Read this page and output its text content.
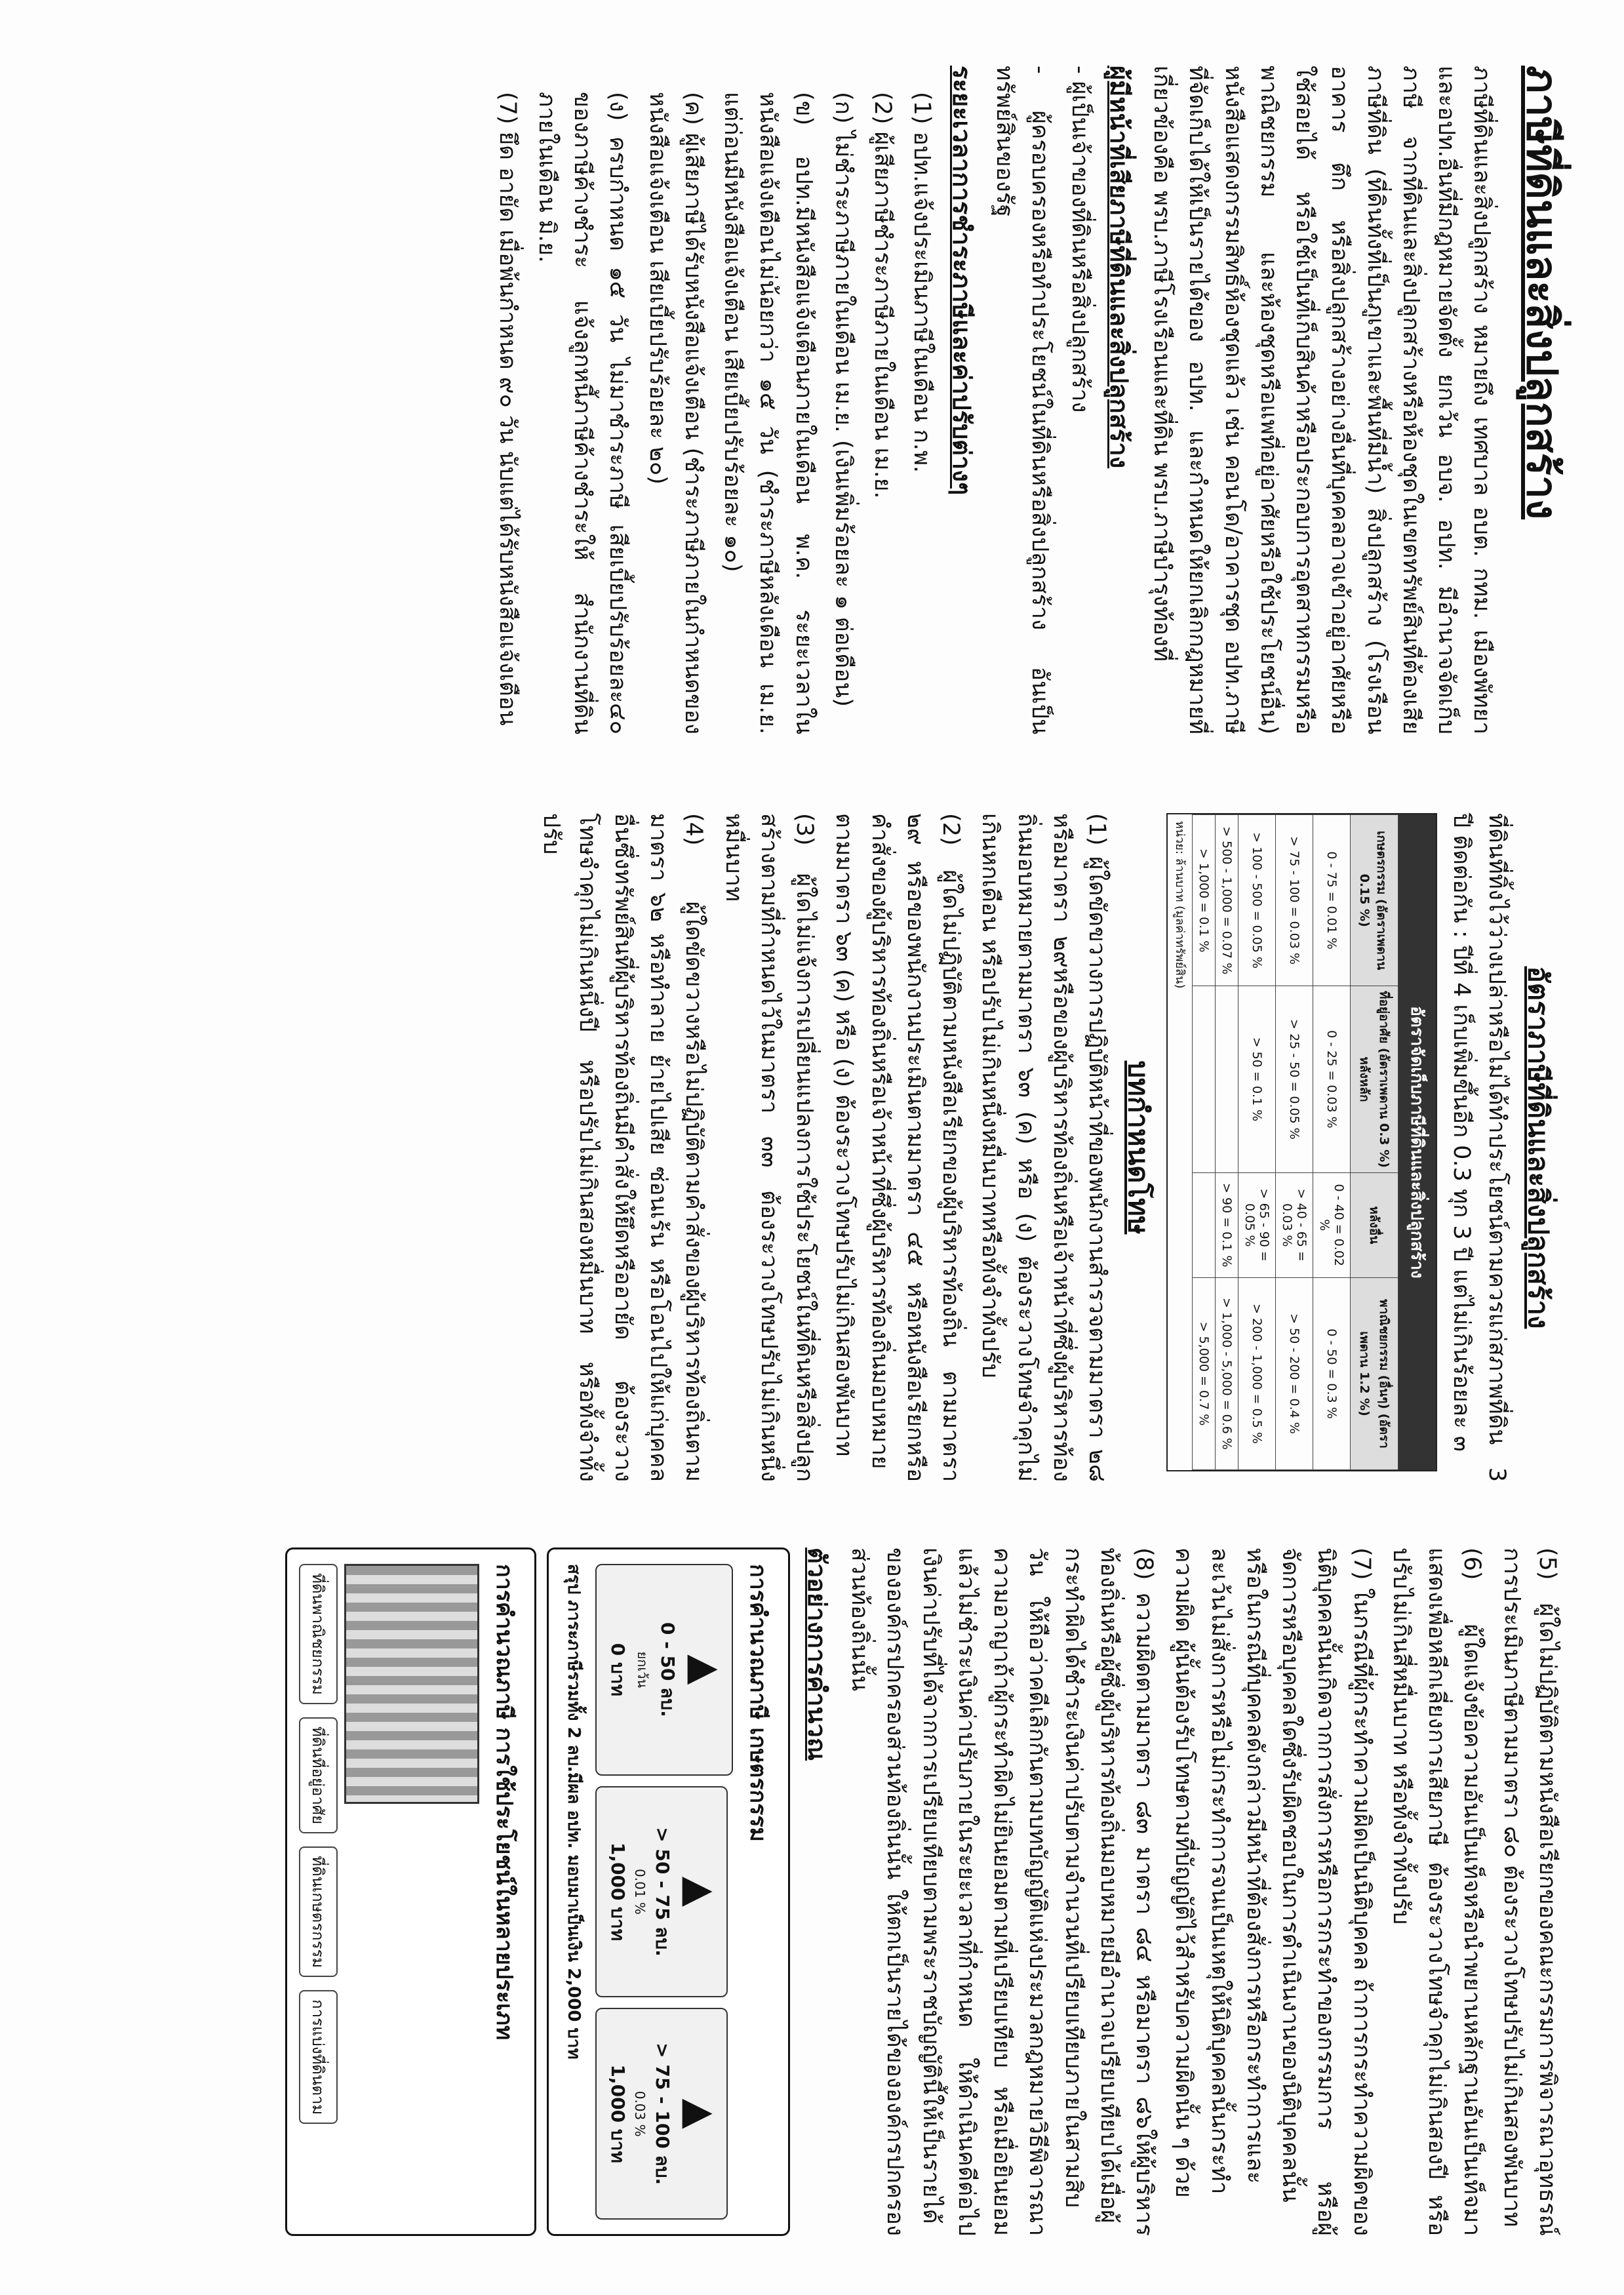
ภาษีที่ดินและสิ่งปลูกสร้าง

ภาษีที่ดินและสิ่งปลูกสร้าง หมายถึง เทศบาล อบต. กทม. เมืองพัทยา และอปท.อื่นที่มีกฎหมายจัดตั้ง ยกเว้น อบจ. อปท. มีอำนาจจัดเก็บภาษี จากที่ดินและสิ่งปลูกสร้างหรือห้องชุดในเขตทรัพย์สินที่ต้องเสียภาษีที่ดิน (ที่ดินทั้งที่เป็นภูเขาและพื้นที่มีน้ำ) สิ่งปลูกสร้าง (โรงเรือน อาคาร ตึก หรือสิ่งปลูกสร้างอย่างอื่นที่บุคคลอาจเข้าอยู่อาศัยหรือใช้สอยได้ หรือใช้เป็นที่เก็บสินค้าหรือประกอบการอุตสาหกรรมหรือพาณิชยกรรม และห้องชุดหรือแพที่อยู่อาศัยหรือใช้ประโยชน์อื่น) หนังสือแสดงกรรมสิทธิ์ห้องชุดแล้ว เช่น คอนโด/อาคารชุด อปท.ภาษีที่จัดเก็บได้ให้เป็นรายได้ของ อปท. และกำหนดให้ยกเลิกกฎหมายที่เกี่ยวข้องคือ พรบ.ภาษีโรงเรือนและที่ดิน พรบ.ภาษีบำรุงท้องที่

ผู้มีหน้าที่เสียภาษีที่ดินและสิ่งปลูกสร้าง
- ผู้เป็นเจ้าของที่ดินหรือสิ่งปลูกสร้าง
- ผู้ครอบครองหรือทำประโยชน์ในที่ดินหรือสิ่งปลูกสร้าง อันเป็นทรัพย์สินของรัฐ
ระยะเวลาการชำระภาษีและค่าปรับต่างๆ

(1) อปท.แจ้งประเมินภาษีในเดือน ก.พ.

(2) ผู้เสียภาษีชำระภาษีภายในเดือน เม.ย.

(ก) ไม่ชำระภาษีภายในเดือน เม.ย. (เงินเพิ่มร้อยละ ๑ ต่อเดือน)

(ข) อปท.มีหนังสือแจ้งเตือนภายในเดือน พ.ค. ระยะเวลาในหนังสือแจ้งเตือนไม่น้อยกว่า ๑๕ วัน (ชำระภาษีหลังเดือน เม.ย. แต่ก่อนมีหนังสือแจ้งเตือน เสียเบี้ยปรับร้อยละ ๑๐)

(ค) ผู้เสียภาษีได้รับหนังสือแจ้งเตือน (ชำระภาษีภายในกำหนดของ หนังสือแจ้งเตือน เสียเบี้ยปรับร้อยละ ๒๐)

(ง) ครบกำหนด ๑๕ วัน ไม่มาชำระภาษี เสียเบี้ยปรับร้อยละ๔๐ ของภาษีค้างชำระ แจ้งลูกหนี้ภาษีค้างชำระให้ สำนักงานที่ดินภายในเดือน มิ.ย.

(7) ยึด อายัด เมื่อพ้นกำหนด ๙๐ วัน นับแต่ได้รับหนังสือแจ้งเตือน

อัตราภาษีที่ดินและสิ่งปลูกสร้าง

ที่ดินที่ทิ้งไว้ว่างเปล่าหรือไม่ได้ทำประโยชน์ตามควรแก่สภาพที่ดิน 3 ปี ติดต่อกัน : ปีที่ 4 เก็บเพิ่มขึ้นอีก 0.3 ทุก 3 ปี แต่ไม่เกินร้อยละ ๓

อัตราจัดเก็บภาษีที่ดินและสิ่งปลูกสร้าง
เกษตรกรรม (อัตราเพดาน 0.15 %)	ที่อยู่อาศัย (อัตราเพดาน 0.3 %) หลังหลัก	หลังอื่น	พาณิชยกรรม (อื่นๆ) (อัตราเพดาน 1.2 %)
0 - 75 = 0.01 %	0 - 25 = 0.03 %	0 - 40 = 0.02 %	0 - 50 = 0.3 %
> 75 - 100 = 0.03 %	> 25 - 50 = 0.05 %	> 40 - 65 = 0.03 %	> 50 - 200 = 0.4 %
> 100 - 500 = 0.05 %	> 50 = 0.1 %	> 65 - 90 = 0.05 %	> 200 - 1,000 = 0.5 %
> 500 - 1,000 = 0.07 %		> 90 = 0.1 %	> 1,000 - 5,000 = 0.6 %
> 1,000 = 0.1 %			> 5,000 = 0.7 %
หน่วย: ล้านบาท (มูลค่าทรัพย์สิน)
บทกำหนดโทษ

(1) ผู้ใดขัดขวางการปฏิบัติหน้าที่ของพนักงานสำรวจตามมาตรา ๒๘ หรือมาตรา ๒๙หรือของผู้บริหารท้องถิ่นหรือเจ้าหน้าที่ซึ่งผู้บริหารท้องถิ่นมอบหมายตามมาตรา ๖๓ (ค) หรือ (ง) ต้องระวางโทษจำคุกไม่เกินหกเดือน หรือปรับไม่เกินหนึ่งหมื่นบาทหรือทั้งจำทั้งปรับ

(2) ผู้ใดไม่ปฏิบัติตามหนังสือเรียกของผู้บริหารท้องถิ่น ตามมาตรา ๒๙ หรือของพนักงานประเมินตามมาตรา ๔๕ หรือหนังสือเรียกหรือคำสั่งของผู้บริหารท้องถิ่นหรือเจ้าหน้าที่ซึ่งผู้บริหารท้องถิ่นมอบหมายตามมาตรา ๖๓ (ค) หรือ (ง) ต้องระวางโทษปรับไม่เกินสองพันบาท

(3) ผู้ใดไม่แจ้งการเปลี่ยนแปลงการใช้ประโยชน์ในที่ดินหรือสิ่งปลูกสร้างตามที่กำหนดไว้ในมาตรา ๓๓ ต้องระวางโทษปรับไม่เกินหนึ่งหมื่นบาท

(4) ผู้ใดขัดขวางหรือไม่ปฏิบัติตามคำสั่งของผู้บริหารท้องถิ่นตามมาตรา ๖๒ หรือทำลาย ย้ายไปเสีย ซ่อนเร้น หรือโอนไปให้แก่บุคคลอื่นซึ่งทรัพย์สินที่ผู้บริหารท้องถิ่นมีคำสั่งให้ยึดหรืออายัด ต้องระวางโทษจำคุกไม่เกินหนึ่งปี หรือปรับไม่เกินสองหมื่นบาท หรือทั้งจำทั้งปรับ

(5) ผู้ใดไม่ปฏิบัติตามหนังสือเรียกของคณะกรรมการพิจารณาอุทธรณ์การประเมินภาษีตามมาตรา ๘๐ ต้องระวางโทษปรับไม่เกินสองพันบาท

(6) ผู้ใดแจ้งข้อความอันเป็นเท็จหรือนำพยานหลักฐานอันเป็นเท็จมาแสดงเพื่อหลีกเลี่ยงการเสียภาษี ต้องระวางโทษจำคุกไม่เกินสองปี หรือปรับไม่เกินสี่หมื่นบาท หรือทั้งจำทั้งปรับ

(7) ในกรณีที่ผู้กระทำความผิดเป็นนิติบุคคล ถ้าการกระทำความผิดของนิติบุคคลนั้นเกิดจากการสั่งการหรือการกระทำของกรรมการ หรือผู้จัดการหรือบุคคลใดซึ่งรับผิดชอบในการดำเนินงานของนิติบุคคลนั้น หรือในกรณีที่บุคคลดังกล่าวมีหน้าที่ต้องสั่งการหรือกระทำการและละเว้นไม่สั่งการหรือไม่กระทำการจนเป็นเหตุให้นิติบุคคลนั้นกระทำความผิด ผู้นั้นต้องรับโทษตามที่บัญญัติไว้สำหรับความผิดนั้น ๆ ด้วย

(8) ความผิดตามมาตรา ๘๓ มาตรา ๘๔ หรือมาตรา ๘๖ให้ผู้บริหารท้องถิ่นหรือผู้ซึ่งผู้บริหารท้องถิ่นมอบหมายมีอำนาจเปรียบเทียบได้เมื่อผู้กระทำผิดได้ชำระเงินค่าปรับตามจำนวนที่เปรียบเทียบภายในสามสิบวัน ให้ถือว่าคดีเลิกกันตามบทบัญญัติแห่งประมวลกฎหมายวิธีพิจารณาความอาญาถ้าผู้กระทำผิดไม่ยินยอมตามที่เปรียบเทียบ หรือเมื่อยินยอมแล้วไม่ชำระเงินค่าปรับภายในระยะเวลาที่กำหนด ให้ดำเนินคดีต่อไปเงินค่าปรับที่ได้จากการเปรียบเทียบตามพระราชบัญญัตินี้ให้เป็นรายได้ขององค์กรปกครองส่วนท้องถิ่นนั้น ให้ตกเป็นรายได้ขององค์กรปกครองส่วนท้องถิ่นนั้น

ตัวอย่างการคำนวณ
การคำนวณภาษี เกษตรกรรม
▲
0 - 50 ลบ.
ยกเว้น
0 บาท
▲
> 50 - 75 ลบ.
0.01 %
1,000 บาท
▲
> 75 - 100 ลบ.
0.03 %
1,000 บาท
สรุป ภาระภาษีรวมทั้ง 2 ลบ.มีผล อปท. มอบมาเป็นเงิน 2,000 บาท
การคำนวณภาษี การใช้ประโยชน์ในหลายประเภท
ที่ดินพาณิชยกรรม
ที่ดินที่อยู่อาศัย
ที่ดินเกษตรกรรม
การแบ่งที่ดินตาม
